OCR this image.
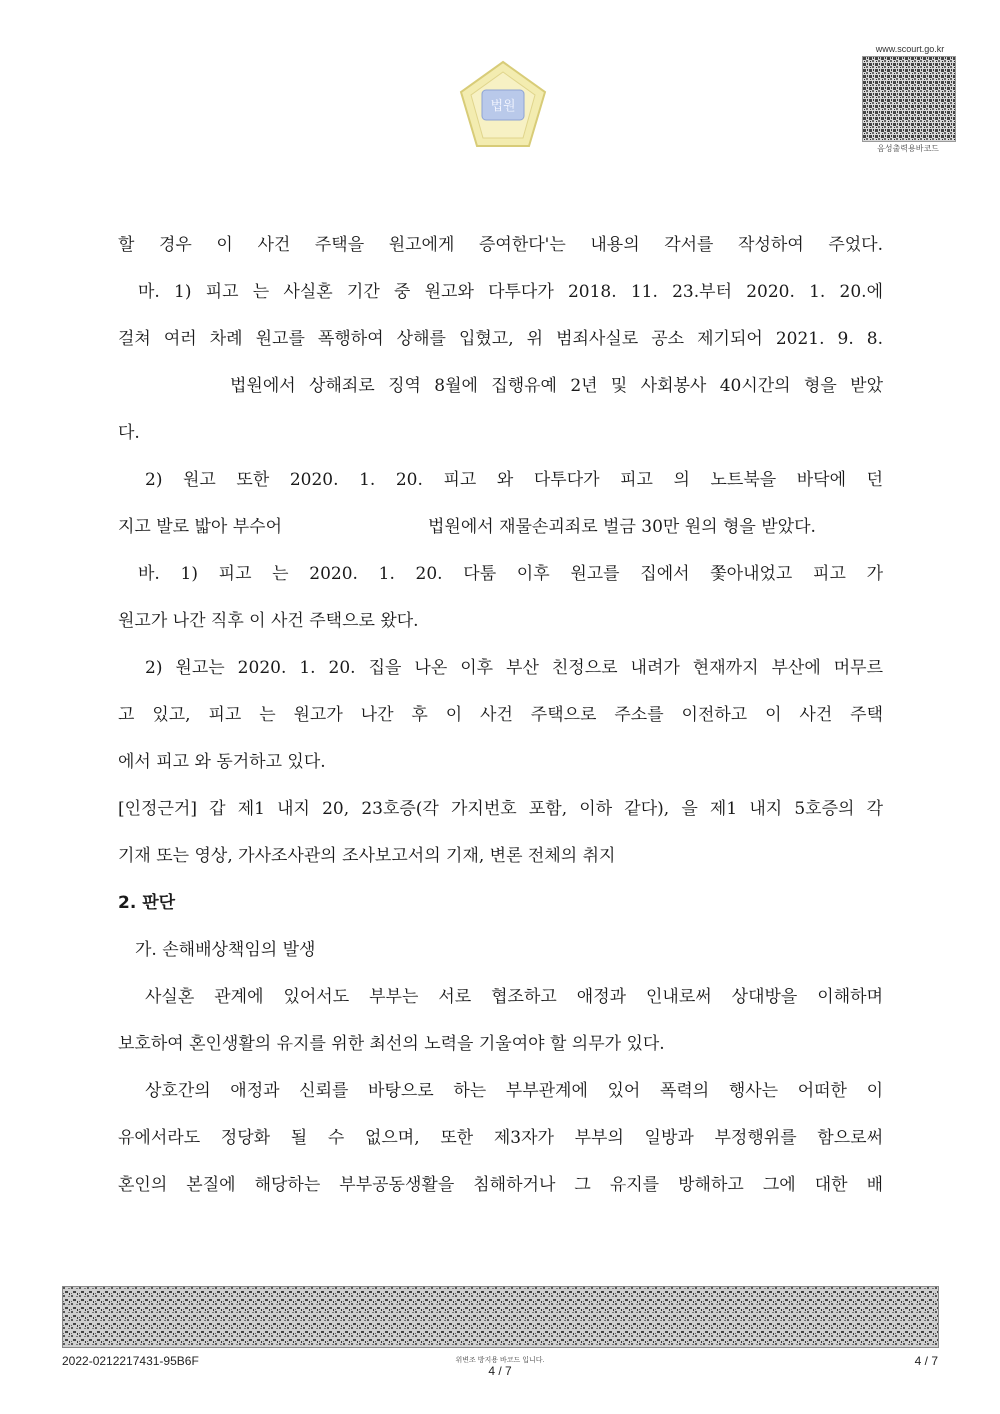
법원
www.scourt.go.kr
음성출력용바코드
할 경우 이 사건 주택을 원고에게 증여한다'는 내용의 각서를 작성하여 주었다.
마. 1) 피고 는 사실혼 기간 중 원고와 다투다가 2018. 11. 23.부터 2020. 1. 20.에
걸쳐 여러 차례 원고를 폭행하여 상해를 입혔고, 위 범죄사실로 공소 제기되어 2021. 9. 8.
법원에서 상해죄로 징역 8월에 집행유예 2년 및 사회봉사 40시간의 형을 받았
다.
2) 원고 또한 2020. 1. 20. 피고 와 다투다가 피고 의 노트북을 바닥에 던
지고 발로 밟아 부수어	법원에서 재물손괴죄로 벌금 30만 원의 형을 받았다.
바. 1) 피고 는 2020. 1. 20. 다툼 이후 원고를 집에서 쫓아내었고 피고 가
원고가 나간 직후 이 사건 주택으로 왔다.
2) 원고는 2020. 1. 20. 집을 나온 이후 부산 친정으로 내려가 현재까지 부산에 머무르
고 있고, 피고 는 원고가 나간 후 이 사건 주택으로 주소를 이전하고 이 사건 주택
에서 피고 와 동거하고 있다.
[인정근거] 갑 제1 내지 20, 23호증(각 가지번호 포함, 이하 같다), 을 제1 내지 5호증의 각
기재 또는 영상, 가사조사관의 조사보고서의 기재, 변론 전체의 취지
2. 판단
가. 손해배상책임의 발생
사실혼 관계에 있어서도 부부는 서로 협조하고 애정과 인내로써 상대방을 이해하며
보호하여 혼인생활의 유지를 위한 최선의 노력을 기울여야 할 의무가 있다.
상호간의 애정과 신뢰를 바탕으로 하는 부부관계에 있어 폭력의 행사는 어떠한 이
유에서라도 정당화 될 수 없으며, 또한 제3자가 부부의 일방과 부정행위를 함으로써
혼인의 본질에 해당하는 부부공동생활을 침해하거나 그 유지를 방해하고 그에 대한 배
2022-0212217431-95B6F	위변조 방지용 바코드 입니다.
4 / 7
4 / 7
